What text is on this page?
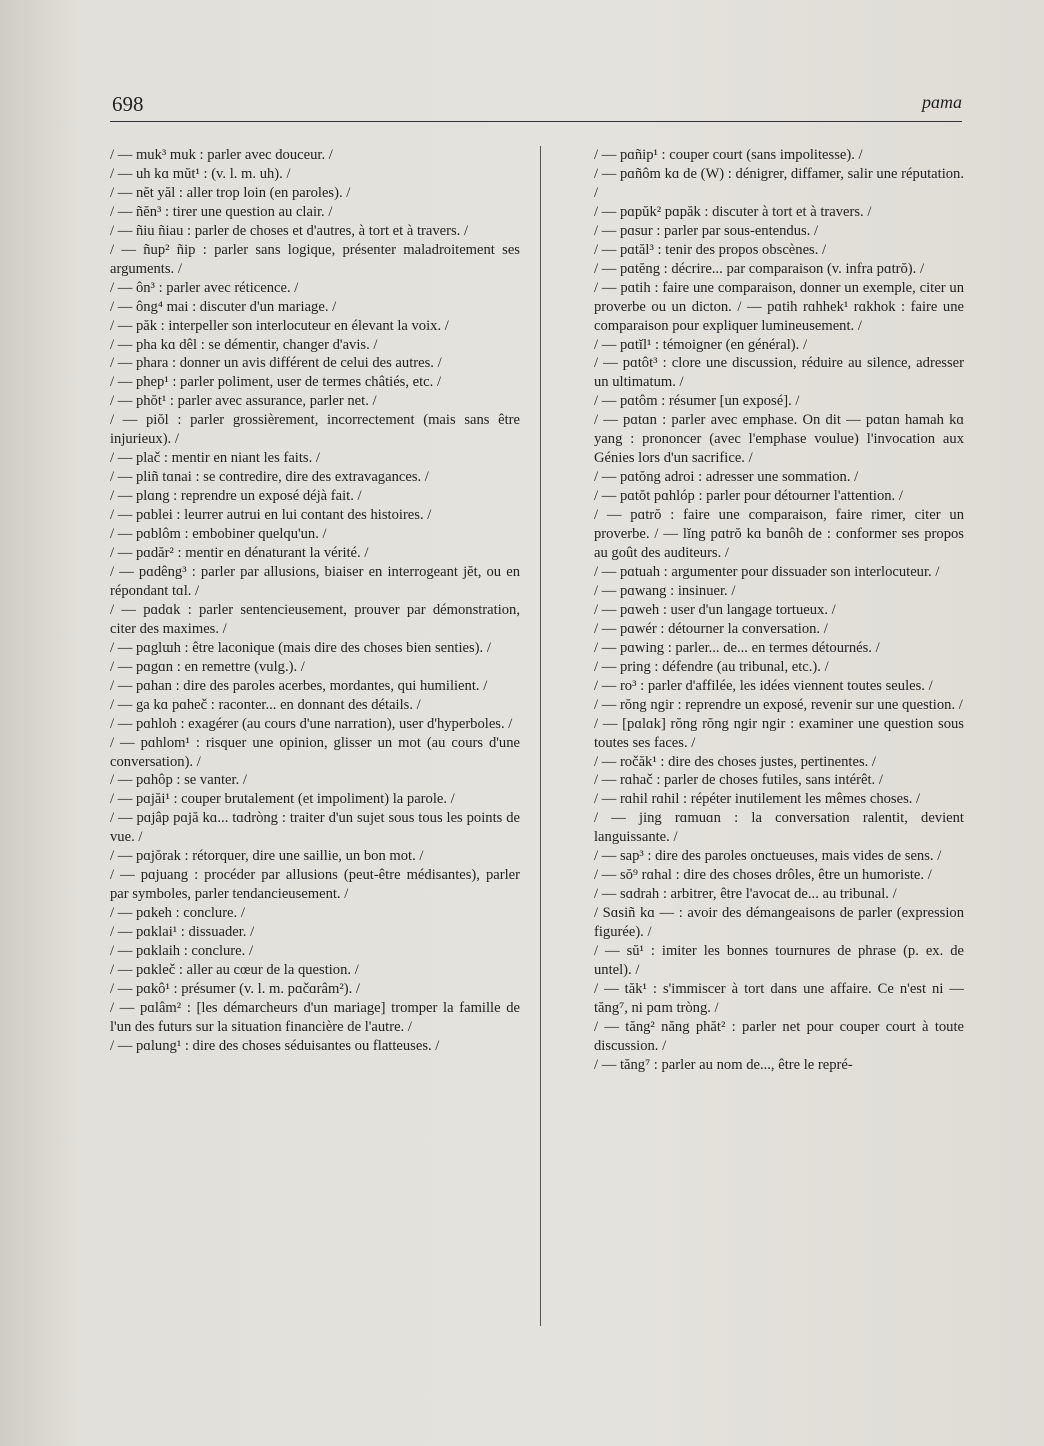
698	pɑma

/ — muk³ muk : parler avec douceur. /

/ — uh kɑ mŭt¹ : (v. l. m. uh). /

/ — nĕt yăl : aller trop loin (en paroles). /

/ — ñĕn³ : tirer une question au clair. /

/ — ñiu ñiau : parler de choses et d'autres, à tort et à travers. /

/ — ñup² ñip : parler sans logique, présenter maladroitement ses arguments. /

/ — ôn³ : parler avec réticence. /

/ — ông⁴ mai : discuter d'un mariage. /

/ — păk : interpeller son interlocuteur en élevant la voix. /

/ — pha kɑ dêl : se démentir, changer d'avis. /

/ — phara : donner un avis différent de celui des autres. /

/ — phep¹ : parler poliment, user de termes châtiés, etc. /

/ — phŏt¹ : parler avec assurance, parler net. /

/ — piŏl : parler grossièrement, incorrectement (mais sans être injurieux). /

/ — plač : mentir en niant les faits. /

/ — pliñ tɑnai : se contredire, dire des extravagances. /

/ — plɑng : reprendre un exposé déjà fait. /

/ — pɑblei : leurrer autrui en lui contant des histoires. /

/ — pɑblôm : embobiner quelqu'un. /

/ — pɑdăr² : mentir en dénaturant la vérité. /

/ — pɑdêng³ : parler par allusions, biaiser en interrogeant jĕt, ou en répondant tɑl. /

/ — pɑdɑk : parler sentencieusement, prouver par démonstration, citer des maximes. /

/ — pɑglɯh : être laconique (mais dire des choses bien senties). /

/ — pɑgɑn : en remettre (vulg.). /

/ — pɑhan : dire des paroles acerbes, mordantes, qui humilient. /

/ — ga kɑ pɑheč : raconter... en donnant des détails. /

/ — pɑhloh : exagérer (au cours d'une narration), user d'hyperboles. /

/ — pɑhlom¹ : risquer une opinion, glisser un mot (au cours d'une conversation). /

/ — pɑhôp : se vanter. /

/ — pɑjăi¹ : couper brutalement (et impoliment) la parole. /

/ — pɑjâp pɑjă kɑ... tɑdròng : traiter d'un sujet sous tous les points de vue. /

/ — pɑjŏrak : rétorquer, dire une saillie, un bon mot. /

/ — pɑjuang : procéder par allusions (peut-être médisantes), parler par symboles, parler tendancieusement. /

/ — pɑkeh : conclure. /

/ — pɑklai¹ : dissuader. /

/ — pɑklaih : conclure. /

/ — pɑkleč : aller au cœur de la question. /

/ — pɑkô¹ : présumer (v. l. m. pɑčɑrâm²). /

/ — pɑlâm² : [les démarcheurs d'un mariage] tromper la famille de l'un des futurs sur la situation financière de l'autre. /

/ — pɑlung¹ : dire des choses séduisantes ou flatteuses. /

/ — pɑñip¹ : couper court (sans impolitesse). /

/ — pɑñôm kɑ de (W) : dénigrer, diffamer, salir une réputation. /

/ — pɑpŭk² pɑpăk : discuter à tort et à travers. /

/ — pɑsur : parler par sous-entendus. /

/ — pɑtăl³ : tenir des propos obscènes. /

/ — pɑtĕng : décrire... par comparaison (v. infra pɑtrŏ). /

/ — pɑtih : faire une comparaison, donner un exemple, citer un proverbe ou un dicton. / — pɑtih rɑhhek¹ rɑkhok : faire une comparaison pour expliquer lumineusement. /

/ — pɑtĭl¹ : témoigner (en général). /

/ — pɑtôt³ : clore une discussion, réduire au silence, adresser un ultimatum. /

/ — pɑtôm : résumer [un exposé]. /

/ — pɑtɑn : parler avec emphase. On dit — pɑtɑn hamah kɑ yang : prononcer (avec l'emphase voulue) l'invocation aux Génies lors d'un sacrifice. /

/ — pɑtŏng adroi : adresser une sommation. /

/ — pɑtŏt pɑhlóp : parler pour détourner l'attention. /

/ — pɑtrŏ : faire une comparaison, faire rimer, citer un proverbe. / — lĭng pɑtrŏ kɑ bɑnôh de : conformer ses propos au goût des auditeurs. /

/ — pɑtuah : argumenter pour dissuader son interlocuteur. /

/ — pɑwang : insinuer. /

/ — pɑweh : user d'un langage tortueux. /

/ — pɑwér : détourner la conversation. /

/ — pɑwing : parler... de... en termes détournés. /

/ — pring : défendre (au tribunal, etc.). /

/ — ro³ : parler d'affilée, les idées viennent toutes seules. /

/ — rŏng ngir : reprendre un exposé, revenir sur une question. /

/ — [pɑlɑk] rŏng rŏng ngir ngir : examiner une question sous toutes ses faces. /

/ — ročăk¹ : dire des choses justes, pertinentes. /

/ — rɑhač : parler de choses futiles, sans intérêt. /

/ — rɑhil rɑhil : répéter inutilement les mêmes choses. /

/ — jing rɑmuɑn : la conversation ralentit, devient languissante. /

/ — sap³ : dire des paroles onctueuses, mais vides de sens. /

/ — sŏ⁹ rɑhal : dire des choses drôles, être un humoriste. /

/ — sɑdrah : arbitrer, être l'avocat de... au tribunal. /

/ Sɑsiñ kɑ — : avoir des démangeaisons de parler (expression figurée). /

/ — sŭ¹ : imiter les bonnes tournures de phrase (p. ex. de untel). /

/ — tăk¹ : s'immiscer à tort dans une affaire. Ce n'est ni — tăng⁷, ni pɑm tròng. /

/ — tăng² năng phăt² : parler net pour couper court à toute discussion. /

/ — tăng⁷ : parler au nom de..., être le repré-
